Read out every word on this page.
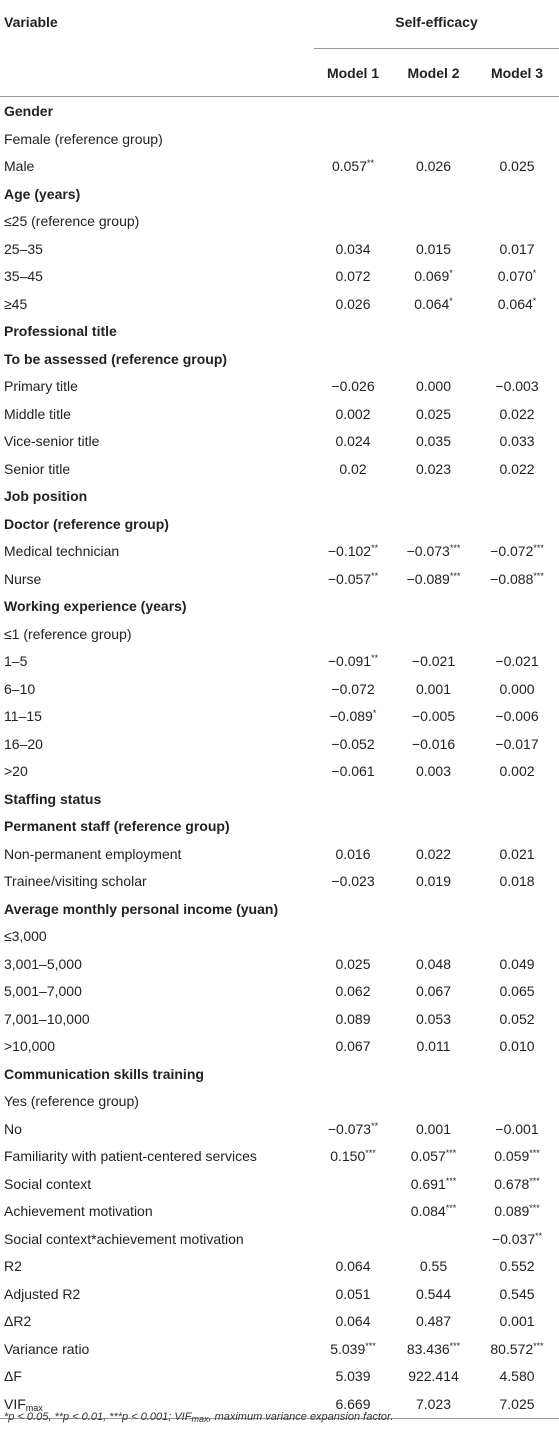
Variable	Self-efficacy		
	Model 1	Model 2	Model 3
Gender			
Female (reference group)			
Male	0.057**	0.026	0.025
Age (years)			
≤25 (reference group)			
25–35	0.034	0.015	0.017
35–45	0.072	0.069*	0.070*
≥45	0.026	0.064*	0.064*
Professional title			
To be assessed (reference group)			
Primary title	−0.026	0.000	−0.003
Middle title	0.002	0.025	0.022
Vice-senior title	0.024	0.035	0.033
Senior title	0.02	0.023	0.022
Job position			
Doctor (reference group)			
Medical technician	−0.102**	−0.073***	−0.072***
Nurse	−0.057**	−0.089***	−0.088***
Working experience (years)			
≤1 (reference group)			
1–5	−0.091**	−0.021	−0.021
6–10	−0.072	0.001	0.000
11–15	−0.089*	−0.005	−0.006
16–20	−0.052	−0.016	−0.017
>20	−0.061	0.003	0.002
Staffing status			
Permanent staff (reference group)			
Non-permanent employment	0.016	0.022	0.021
Trainee/visiting scholar	−0.023	0.019	0.018
Average monthly personal income (yuan)			
≤3,000			
3,001–5,000	0.025	0.048	0.049
5,001–7,000	0.062	0.067	0.065
7,001–10,000	0.089	0.053	0.052
>10,000	0.067	0.011	0.010
Communication skills training			
Yes (reference group)			
No	−0.073**	0.001	−0.001
Familiarity with patient-centered services	0.150***	0.057***	0.059***
Social context		0.691***	0.678***
Achievement motivation		0.084***	0.089***
Social context*achievement motivation			−0.037**
R2	0.064	0.55	0.552
Adjusted R2	0.051	0.544	0.545
ΔR2	0.064	0.487	0.001
Variance ratio	5.039***	83.436***	80.572***
ΔF	5.039	922.414	4.580
$VIF_{max}$	6.669	7.023	7.025
*p < 0.05, **p < 0.01, ***p < 0.001; $VIF_{max}$, maximum variance expansion factor.
